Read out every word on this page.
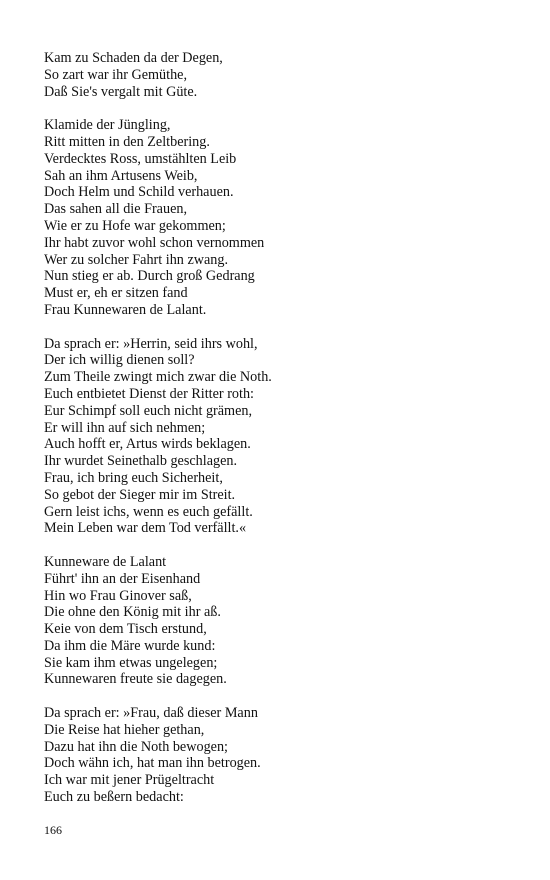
Kam zu Schaden da der Degen,
So zart war ihr Gemüthe,
Daß Sie's vergalt mit Güte.
Klamide der Jüngling,
Ritt mitten in den Zeltbering.
Verdecktes Ross, umstählten Leib
Sah an ihm Artusens Weib,
Doch Helm und Schild verhauen.
Das sahen all die Frauen,
Wie er zu Hofe war gekommen;
Ihr habt zuvor wohl schon vernommen
Wer zu solcher Fahrt ihn zwang.
Nun stieg er ab. Durch groß Gedrang
Must er, eh er sitzen fand
Frau Kunnewaren de Lalant.
Da sprach er: »Herrin, seid ihrs wohl,
Der ich willig dienen soll?
Zum Theile zwingt mich zwar die Noth.
Euch entbietet Dienst der Ritter roth:
Eur Schimpf soll euch nicht grämen,
Er will ihn auf sich nehmen;
Auch hofft er, Artus wirds beklagen.
Ihr wurdet Seinethalb geschlagen.
Frau, ich bring euch Sicherheit,
So gebot der Sieger mir im Streit.
Gern leist ichs, wenn es euch gefällt.
Mein Leben war dem Tod verfällt.«
Kunneware de Lalant
Führt' ihn an der Eisenhand
Hin wo Frau Ginover saß,
Die ohne den König mit ihr aß.
Keie von dem Tisch erstund,
Da ihm die Märe wurde kund:
Sie kam ihm etwas ungelegen;
Kunnewaren freute sie dagegen.
Da sprach er: »Frau, daß dieser Mann
Die Reise hat hieher gethan,
Dazu hat ihn die Noth bewogen;
Doch wähn ich, hat man ihn betrogen.
Ich war mit jener Prügeltracht
Euch zu beßern bedacht:
166
